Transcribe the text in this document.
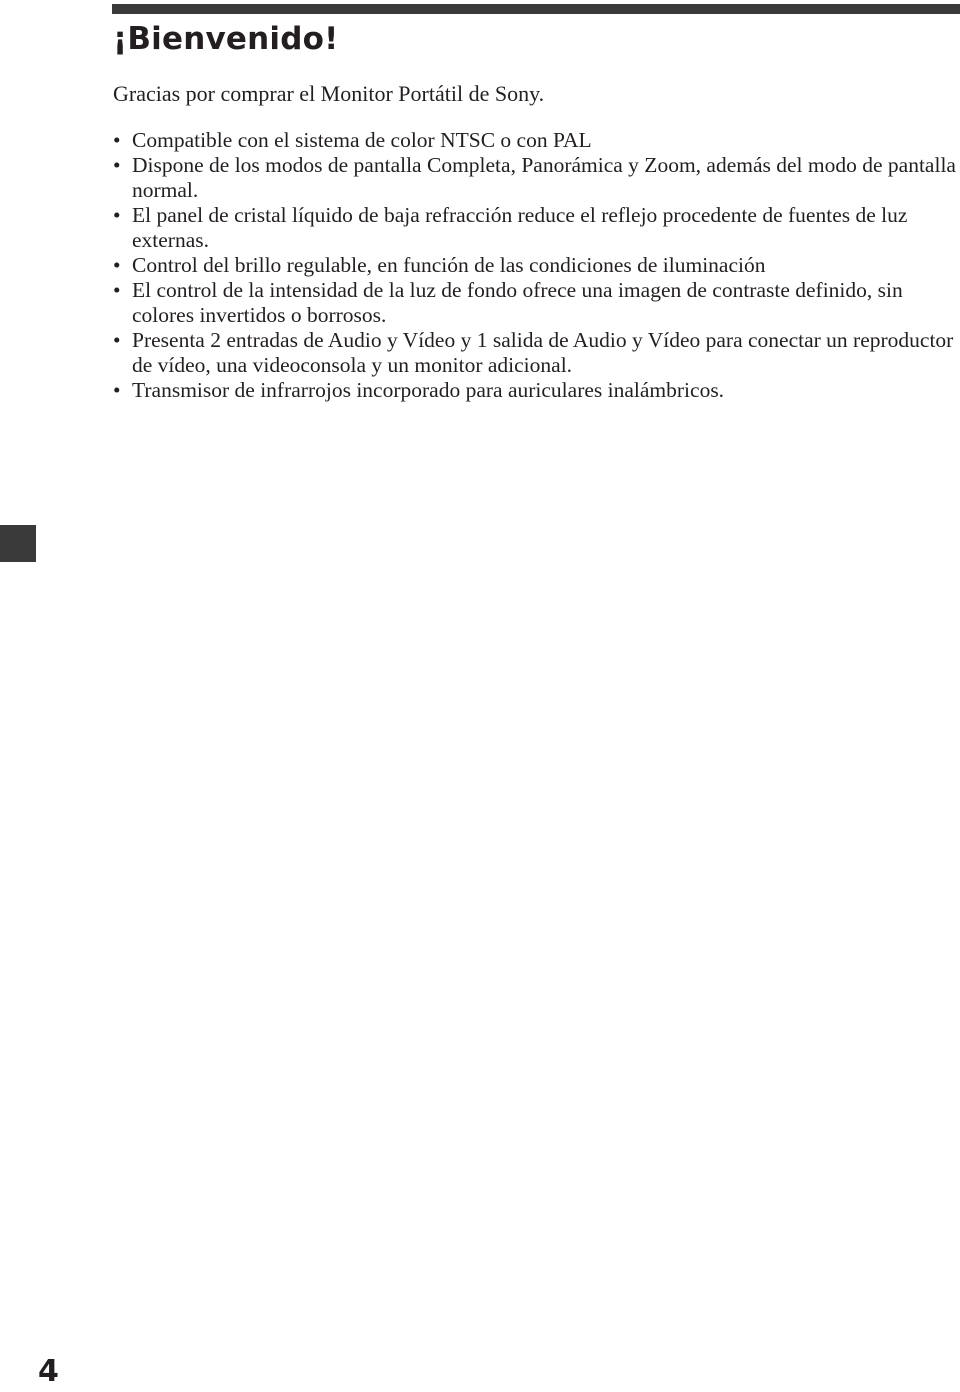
¡Bienvenido!

Gracias por comprar el Monitor Portátil de Sony.

• Compatible con el sistema de color NTSC o con PAL
• Dispone de los modos de pantalla Completa, Panorámica y Zoom, además del modo de pantalla normal.
• El panel de cristal líquido de baja refracción reduce el reflejo procedente de fuentes de luz externas.
• Control del brillo regulable, en función de las condiciones de iluminación
• El control de la intensidad de la luz de fondo ofrece una imagen de contraste definido, sin colores invertidos o borrosos.
• Presenta 2 entradas de Audio y Vídeo y 1 salida de Audio y Vídeo para conectar un reproductor de vídeo, una videoconsola y un monitor adicional.
• Transmisor de infrarrojos incorporado para auriculares inalámbricos.
4
